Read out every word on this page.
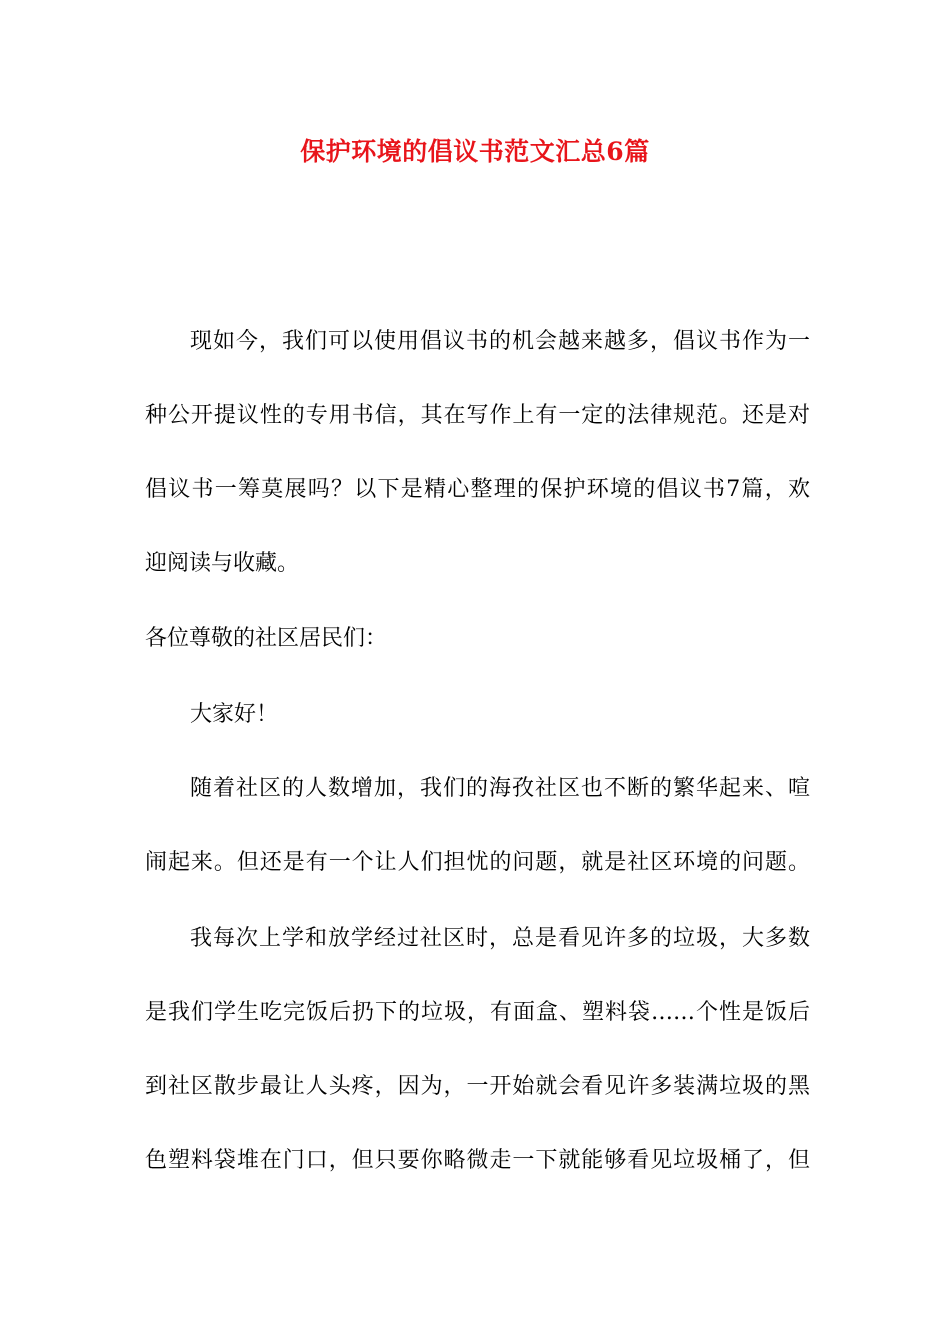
保护环境的倡议书范文汇总6篇
现如今，我们可以使用倡议书的机会越来越多，倡议书作为一
种公开提议性的专用书信，其在写作上有一定的法律规范。还是对
倡议书一筹莫展吗？以下是精心整理的保护环境的倡议书7篇，欢
迎阅读与收藏。
各位尊敬的社区居民们：
大家好！
随着社区的人数增加，我们的海孜社区也不断的繁华起来、喧
闹起来。但还是有一个让人们担忧的问题，就是社区环境的问题。
我每次上学和放学经过社区时，总是看见许多的垃圾，大多数
是我们学生吃完饭后扔下的垃圾，有面盒、塑料袋……个性是饭后
到社区散步最让人头疼，因为，一开始就会看见许多装满垃圾的黑
色塑料袋堆在门口，但只要你略微走一下就能够看见垃圾桶了，但
